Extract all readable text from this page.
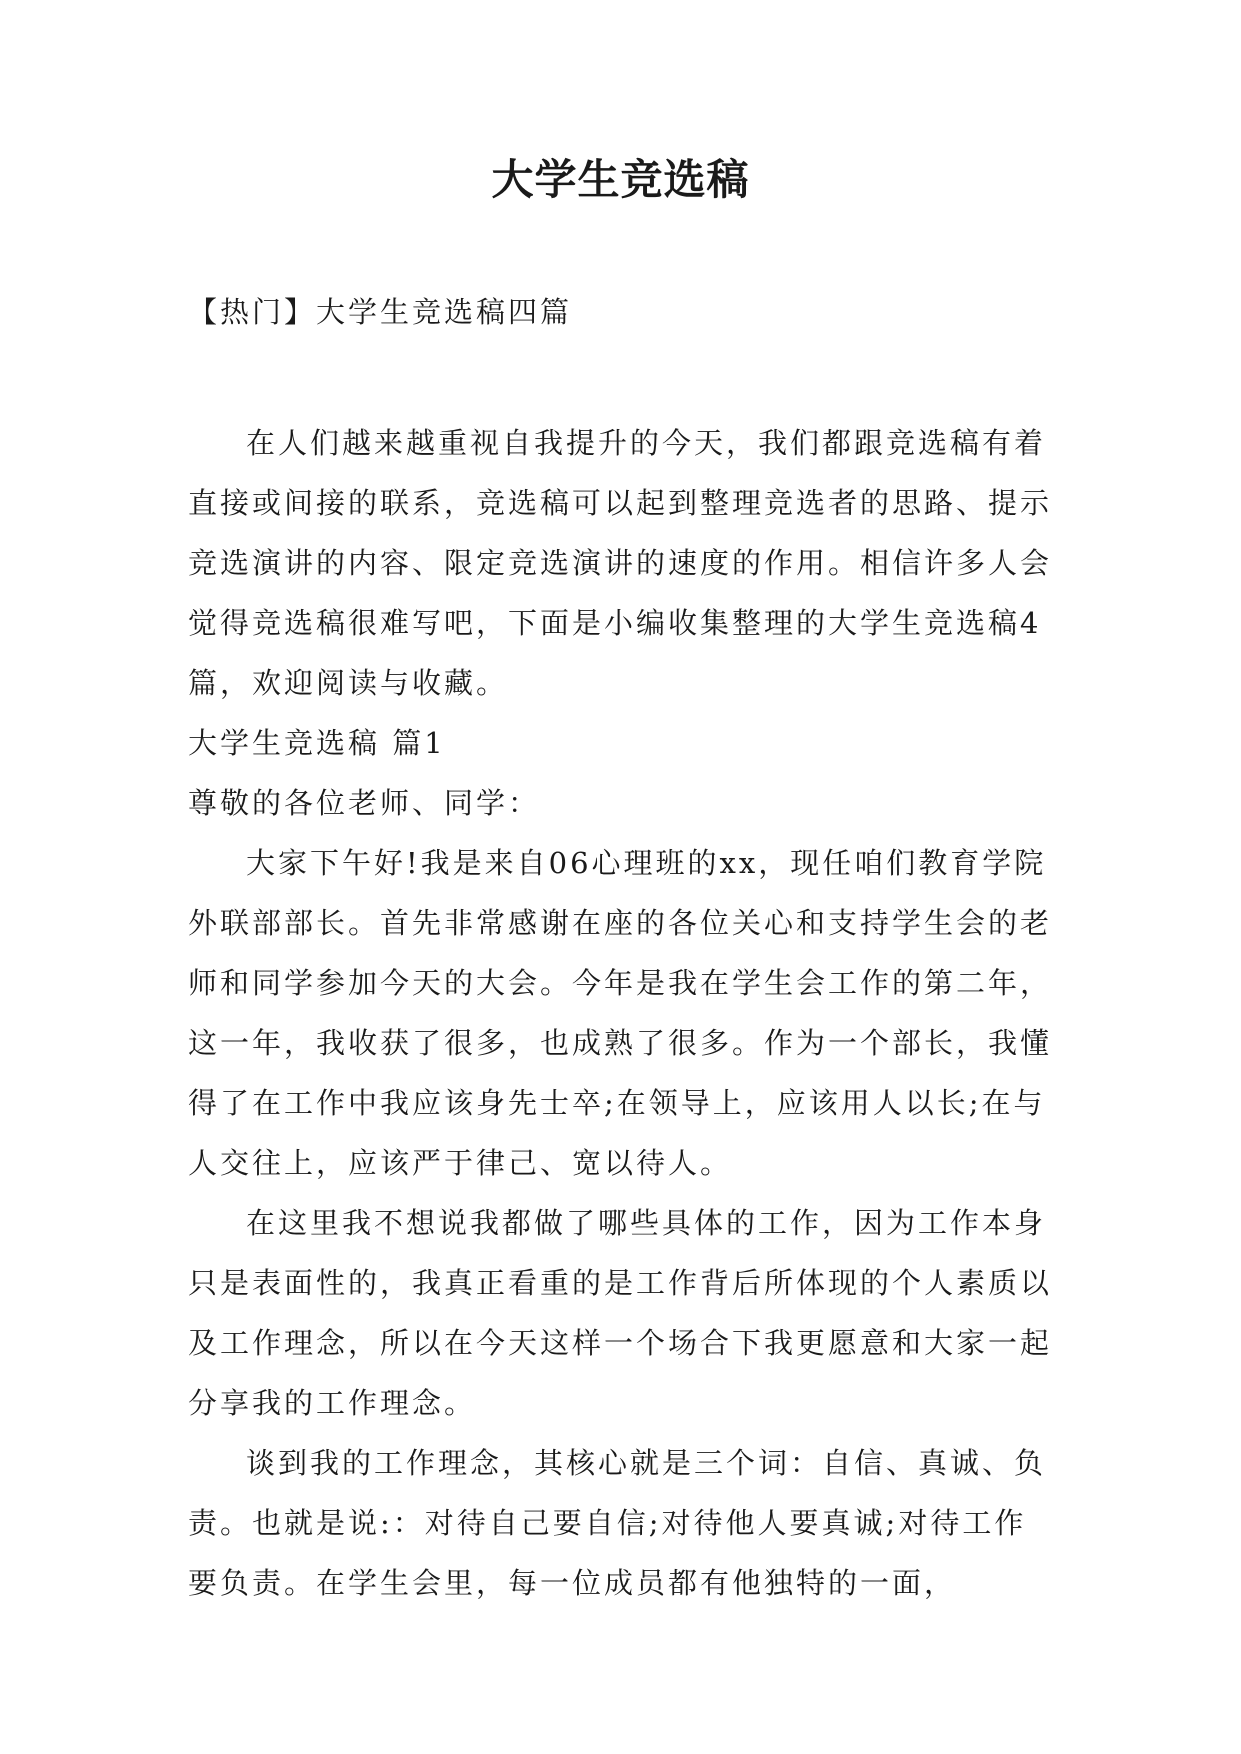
大学生竞选稿

【热门】大学生竞选稿四篇

在人们越来越重视自我提升的今天，我们都跟竞选稿有着直接或间接的联系，竞选稿可以起到整理竞选者的思路、提示竞选演讲的内容、限定竞选演讲的速度的作用。相信许多人会觉得竞选稿很难写吧，下面是小编收集整理的大学生竞选稿4篇，欢迎阅读与收藏。

大学生竞选稿 篇1

尊敬的各位老师、同学：

大家下午好!我是来自06心理班的xx，现任咱们教育学院外联部部长。首先非常感谢在座的各位关心和支持学生会的老师和同学参加今天的大会。今年是我在学生会工作的第二年，这一年，我收获了很多，也成熟了很多。作为一个部长，我懂得了在工作中我应该身先士卒;在领导上，应该用人以长;在与人交往上，应该严于律己、宽以待人。

在这里我不想说我都做了哪些具体的工作，因为工作本身只是表面性的，我真正看重的是工作背后所体现的个人素质以及工作理念，所以在今天这样一个场合下我更愿意和大家一起分享我的工作理念。

谈到我的工作理念，其核心就是三个词：自信、真诚、负责。也就是说:：对待自己要自信;对待他人要真诚;对待工作要负责。在学生会里，每一位成员都有他独特的一面，
